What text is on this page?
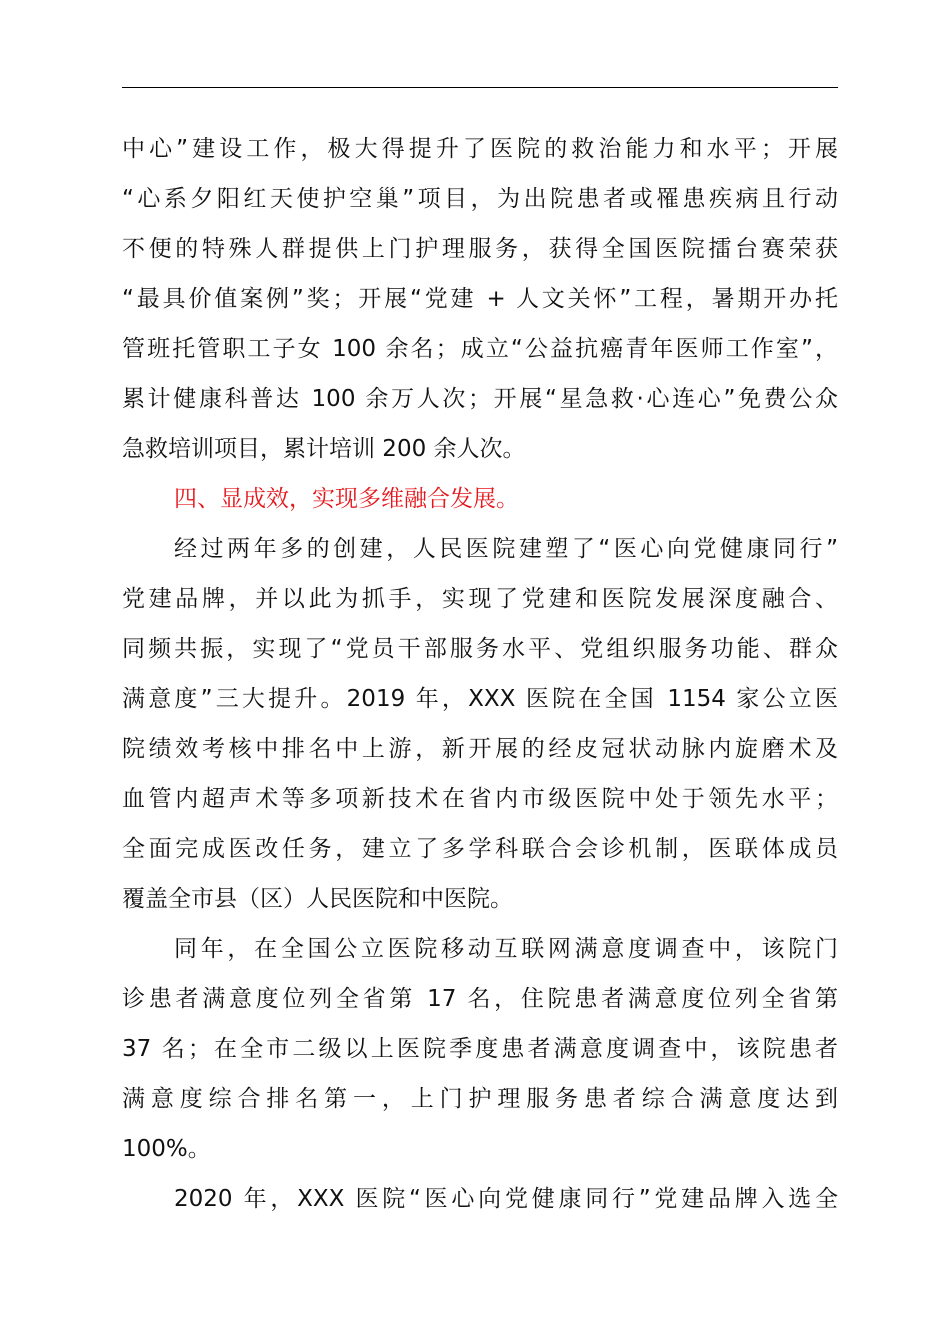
中心”建设工作，极大得提升了医院的救治能力和水平；开展
“心系夕阳红天使护空巢”项目，为出院患者或罹患疾病且行动
不便的特殊人群提供上门护理服务，获得全国医院擂台赛荣获
“最具价值案例”奖；开展“党建 + 人文关怀”工程，暑期开办托
管班托管职工子女 100 余名；成立“公益抗癌青年医师工作室”，
累计健康科普达 100 余万人次；开展“星急救·心连心”免费公众
急救培训项目，累计培训 200 余人次。
四、显成效，实现多维融合发展。
经过两年多的创建，人民医院建塑了“医心向党健康同行”
党建品牌，并以此为抓手，实现了党建和医院发展深度融合、
同频共振，实现了“党员干部服务水平、党组织服务功能、群众
满意度”三大提升。2019 年，XXX 医院在全国 1154 家公立医
院绩效考核中排名中上游，新开展的经皮冠状动脉内旋磨术及
血管内超声术等多项新技术在省内市级医院中处于领先水平；
全面完成医改任务，建立了多学科联合会诊机制，医联体成员
覆盖全市县（区）人民医院和中医院。
同年，在全国公立医院移动互联网满意度调查中，该院门
诊患者满意度位列全省第 17 名，住院患者满意度位列全省第
37 名；在全市二级以上医院季度患者满意度调查中，该院患者
满意度综合排名第一，上门护理服务患者综合满意度达到
100%。
2020 年，XXX 医院“医心向党健康同行”党建品牌入选全
